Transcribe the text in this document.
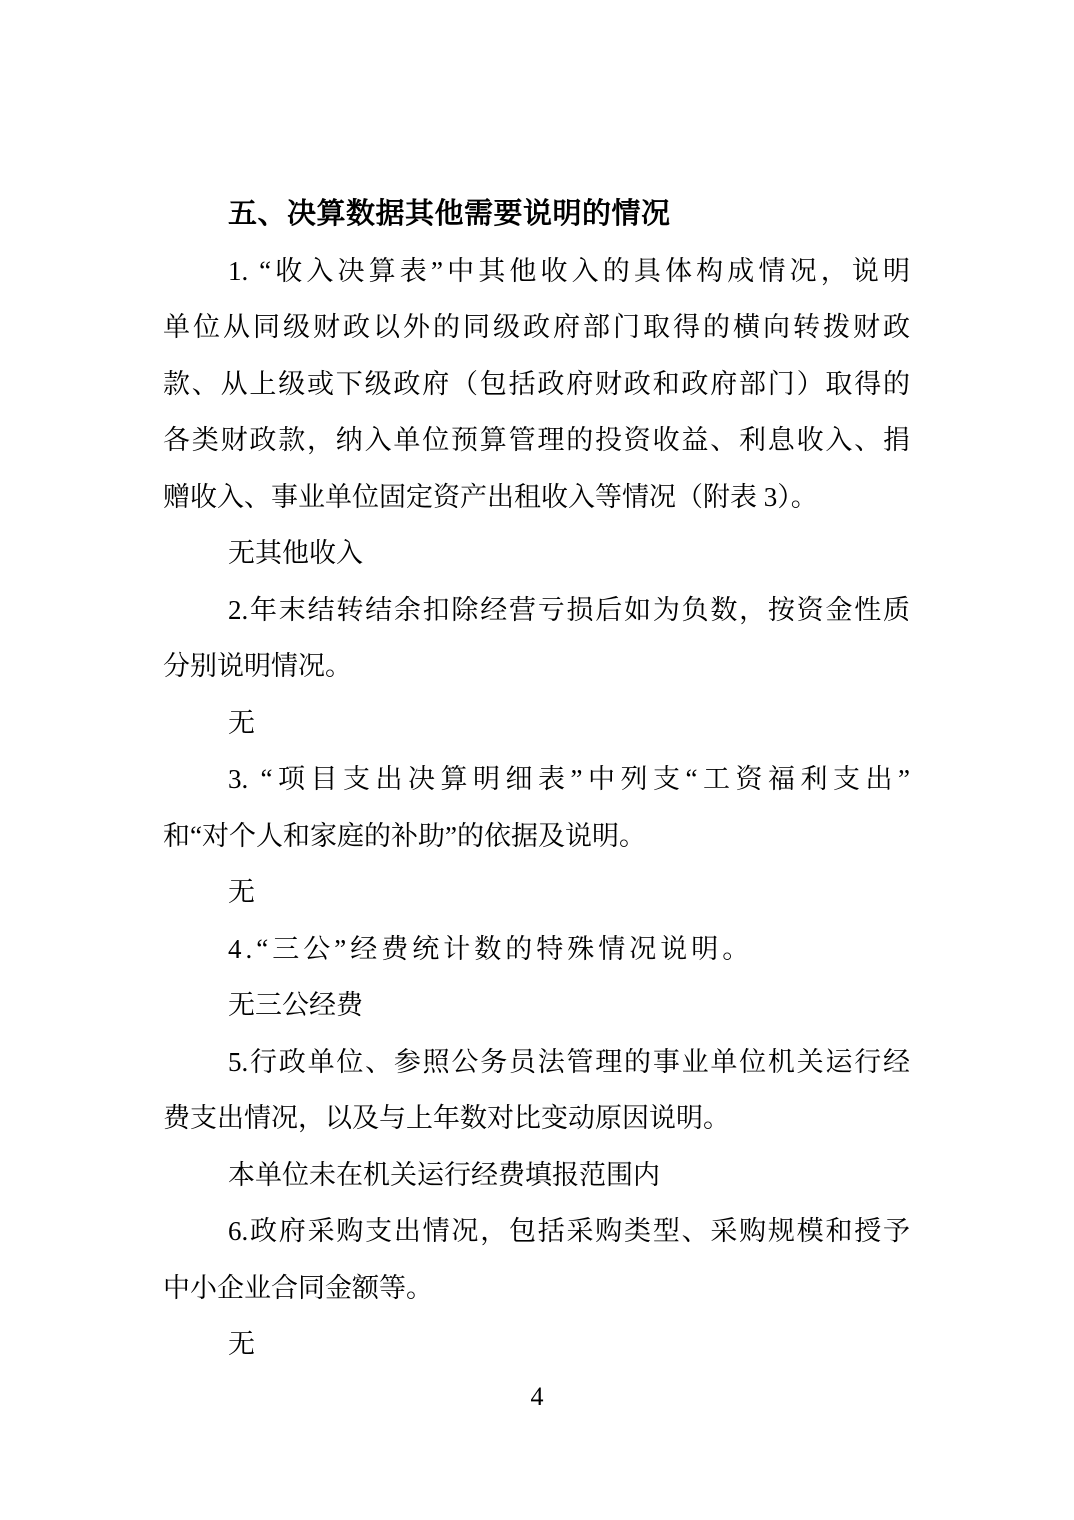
五、决算数据其他需要说明的情况
1. “收入决算表”中其他收入的具体构成情况，说明
单位从同级财政以外的同级政府部门取得的横向转拨财政
款、从上级或下级政府（包括政府财政和政府部门）取得的
各类财政款，纳入单位预算管理的投资收益、利息收入、捐
赠收入、事业单位固定资产出租收入等情况（附表 3）。
无其他收入
2.年末结转结余扣除经营亏损后如为负数，按资金性质
分别说明情况。
无
3. “项目支出决算明细表”中列支“工资福利支出”
和“对个人和家庭的补助”的依据及说明。
无
4.“三公”经费统计数的特殊情况说明。
无三公经费
5.行政单位、参照公务员法管理的事业单位机关运行经
费支出情况，以及与上年数对比变动原因说明。
本单位未在机关运行经费填报范围内
6.政府采购支出情况，包括采购类型、采购规模和授予
中小企业合同金额等。
无
4
